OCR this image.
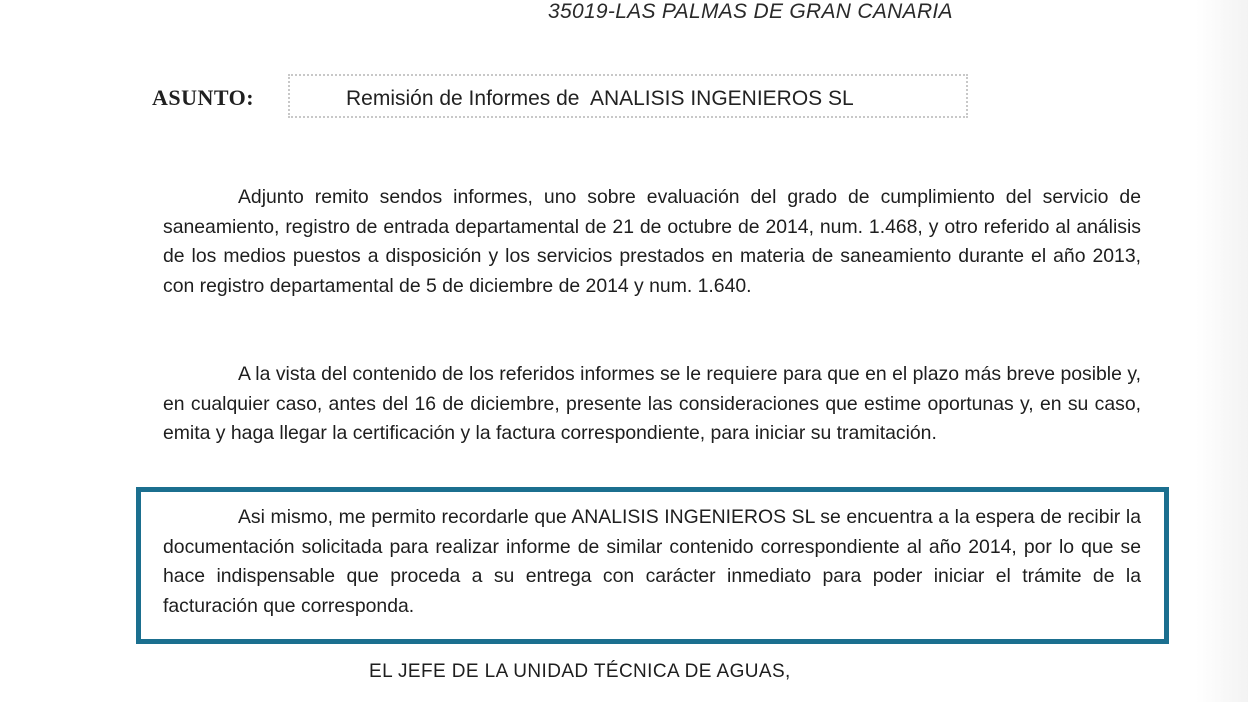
35019-LAS PALMAS DE GRAN CANARIA
ASUNTO:	Remisión de Informes de  ANALISIS INGENIEROS SL

Adjunto remito sendos informes, uno sobre evaluación del grado de cumplimiento del servicio de saneamiento, registro de entrada departamental de 21 de octubre de 2014, num. 1.468, y otro referido al análisis de los medios puestos a disposición y los servicios prestados en materia de saneamiento durante el año 2013, con registro departamental de 5 de diciembre de 2014 y num. 1.640.

A la vista del contenido de los referidos informes se le requiere para que en el plazo más breve posible y, en cualquier caso, antes del 16 de diciembre, presente las consideraciones que estime oportunas y, en su caso, emita y haga llegar la certificación y la factura correspondiente, para iniciar su tramitación.

Asi mismo, me permito recordarle que ANALISIS INGENIEROS SL se encuentra a la espera de recibir la documentación solicitada para realizar informe de similar contenido correspondiente al año 2014, por lo que se hace indispensable que proceda a su entrega con carácter inmediato para poder iniciar el trámite de la facturación que corresponda.

EL JEFE DE LA UNIDAD TÉCNICA DE AGUAS,
